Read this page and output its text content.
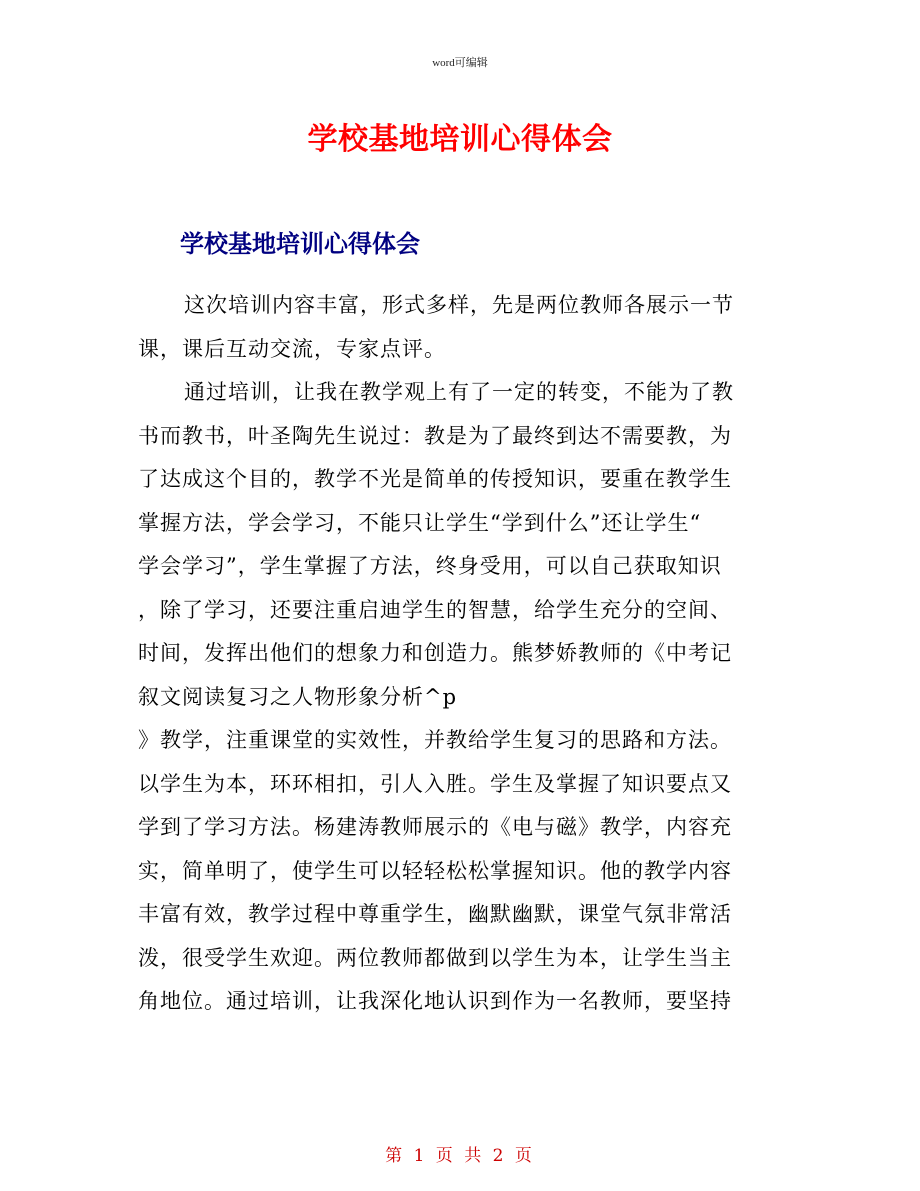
word可编辑
学校基地培训心得体会
学校基地培训心得体会
这次培训内容丰富，形式多样，先是两位教师各展示一节
课，课后互动交流，专家点评。
通过培训，让我在教学观上有了一定的转变，不能为了教
书而教书，叶圣陶先生说过：教是为了最终到达不需要教，为
了达成这个目的，教学不光是简单的传授知识，要重在教学生
掌握方法，学会学习，不能只让学生“学到什么”还让学生“
学会学习”，学生掌握了方法，终身受用，可以自己获取知识
，除了学习，还要注重启迪学生的智慧，给学生充分的空间、
时间，发挥出他们的想象力和创造力。熊梦娇教师的《中考记
叙文阅读复习之人物形象分析^p
》教学，注重课堂的实效性，并教给学生复习的思路和方法。
以学生为本，环环相扣，引人入胜。学生及掌握了知识要点又
学到了学习方法。杨建涛教师展示的《电与磁》教学，内容充
实，简单明了，使学生可以轻轻松松掌握知识。他的教学内容
丰富有效，教学过程中尊重学生，幽默幽默，课堂气氛非常活
泼，很受学生欢迎。两位教师都做到以学生为本，让学生当主
角地位。通过培训，让我深化地认识到作为一名教师，要坚持
第 1 页 共 2 页
